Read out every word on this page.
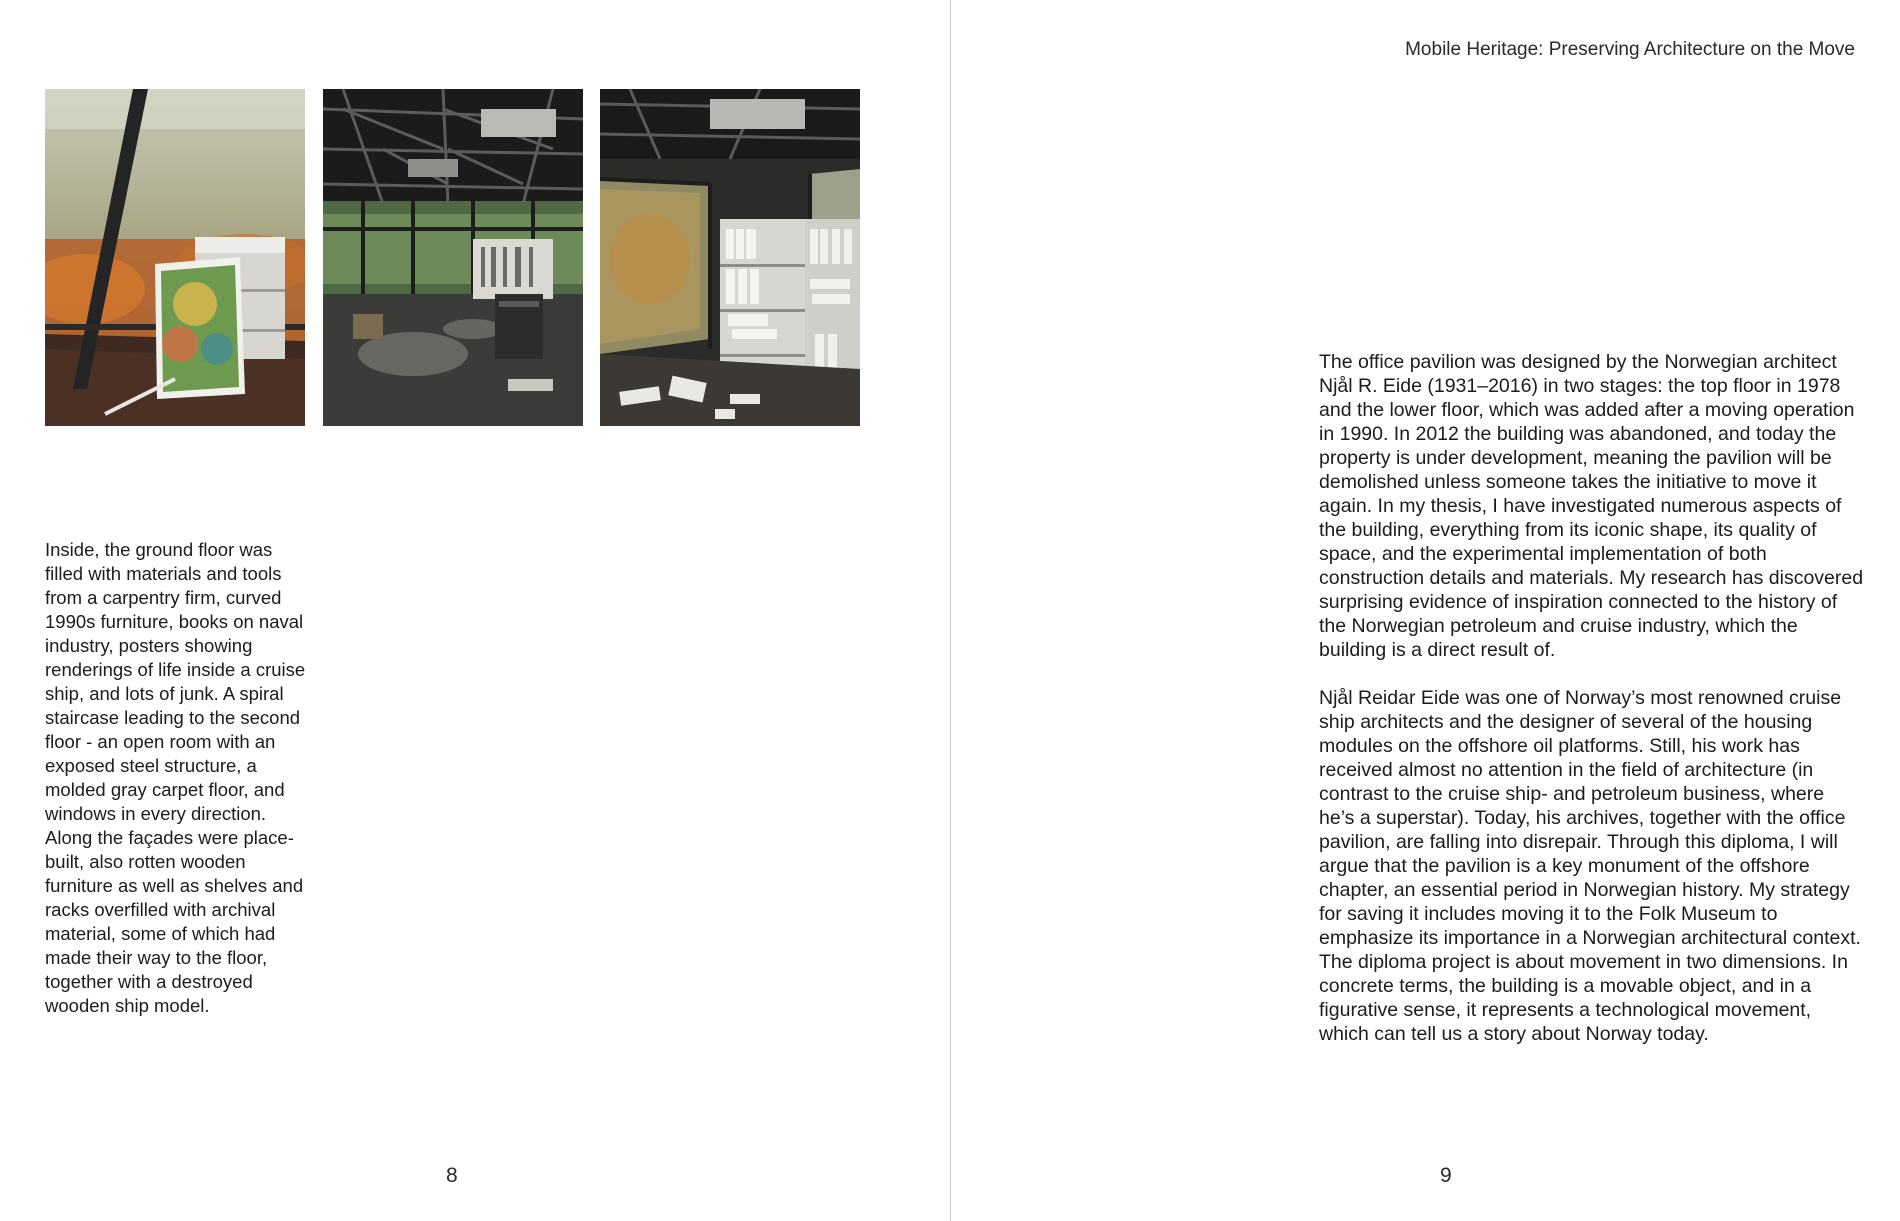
Inside, the ground floor was filled with materials and tools from a carpentry firm, curved 1990s furniture, books on naval industry, posters showing renderings of life inside a cruise ship, and lots of junk. A spiral staircase leading to the second floor - an open room with an exposed steel structure, a molded gray carpet floor, and windows in every direction. Along the façades were place-built, also rotten wooden furniture as well as shelves and racks overfilled with archival material, some of which had made their way to the floor, together with a destroyed wooden ship model.

8
Mobile Heritage: Preserving Architecture on the Move

The office pavilion was designed by the Norwegian architect Njål R. Eide (1931–2016) in two stages: the top floor in 1978 and the lower floor, which was added after a moving operation in 1990. In 2012 the building was abandoned, and today the property is under development, meaning the pavilion will be demolished unless someone takes the initiative to move it again. In my thesis, I have investigated numerous aspects of the building, everything from its iconic shape, its quality of space, and the experimental implementation of both construction details and materials. My research has discovered surprising evidence of inspiration connected to the history of the Norwegian petroleum and cruise industry, which the building is a direct result of.

Njål Reidar Eide was one of Norway’s most renowned cruise ship architects and the designer of several of the housing modules on the offshore oil platforms. Still, his work has received almost no attention in the field of architecture (in contrast to the cruise ship- and petroleum business, where he’s a superstar). Today, his archives, together with the office pavilion, are falling into disrepair. Through this diploma, I will argue that the pavilion is a key monument of the offshore chapter, an essential period in Norwegian history. My strategy for saving it includes moving it to the Folk Museum to emphasize its importance in a Norwegian architectural context. The diploma project is about movement in two dimensions. In concrete terms, the building is a movable object, and in a figurative sense, it represents a technological movement, which can tell us a story about Norway today.

9
